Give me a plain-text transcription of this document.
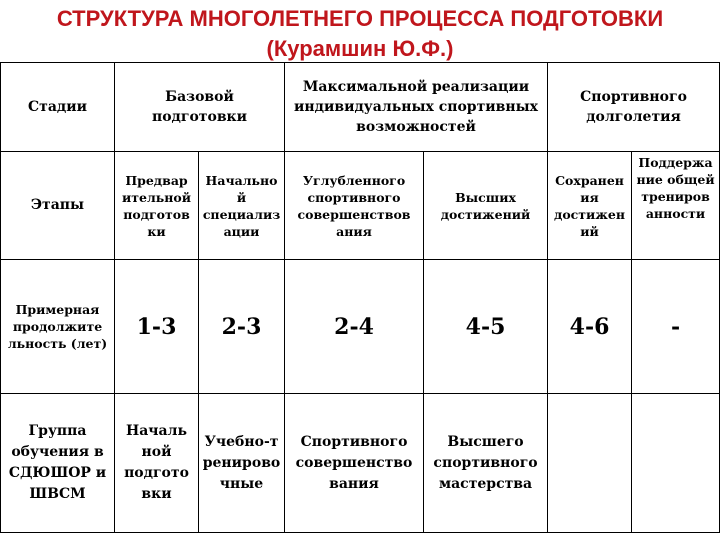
СТРУКТУРА МНОГОЛЕТНЕГО ПРОЦЕССА ПОДГОТОВКИ
(Курамшин Ю.Ф.)
Стадии	Базовой подготовки		Максимальной реализации индивидуальных спортивных возможностей		Спортивного долголетия	
Этапы	Предвар ительной подготов ки	Начально й специализ ации	Углубленного спортивного совершенствов ания	Высших достижений	Сохранен ия достижен ий	Поддержа ние общей трениров анности
Примерная продолжите льность (лет)	1-3	2-3	2-4	4-5	4-6	-
Группа обучения в СДЮШОР и ШВСМ	Началь ной подгото вки	Учебно-т ренирово чные	Спортивного совершенство вания	Высшего спортивного мастерства		
